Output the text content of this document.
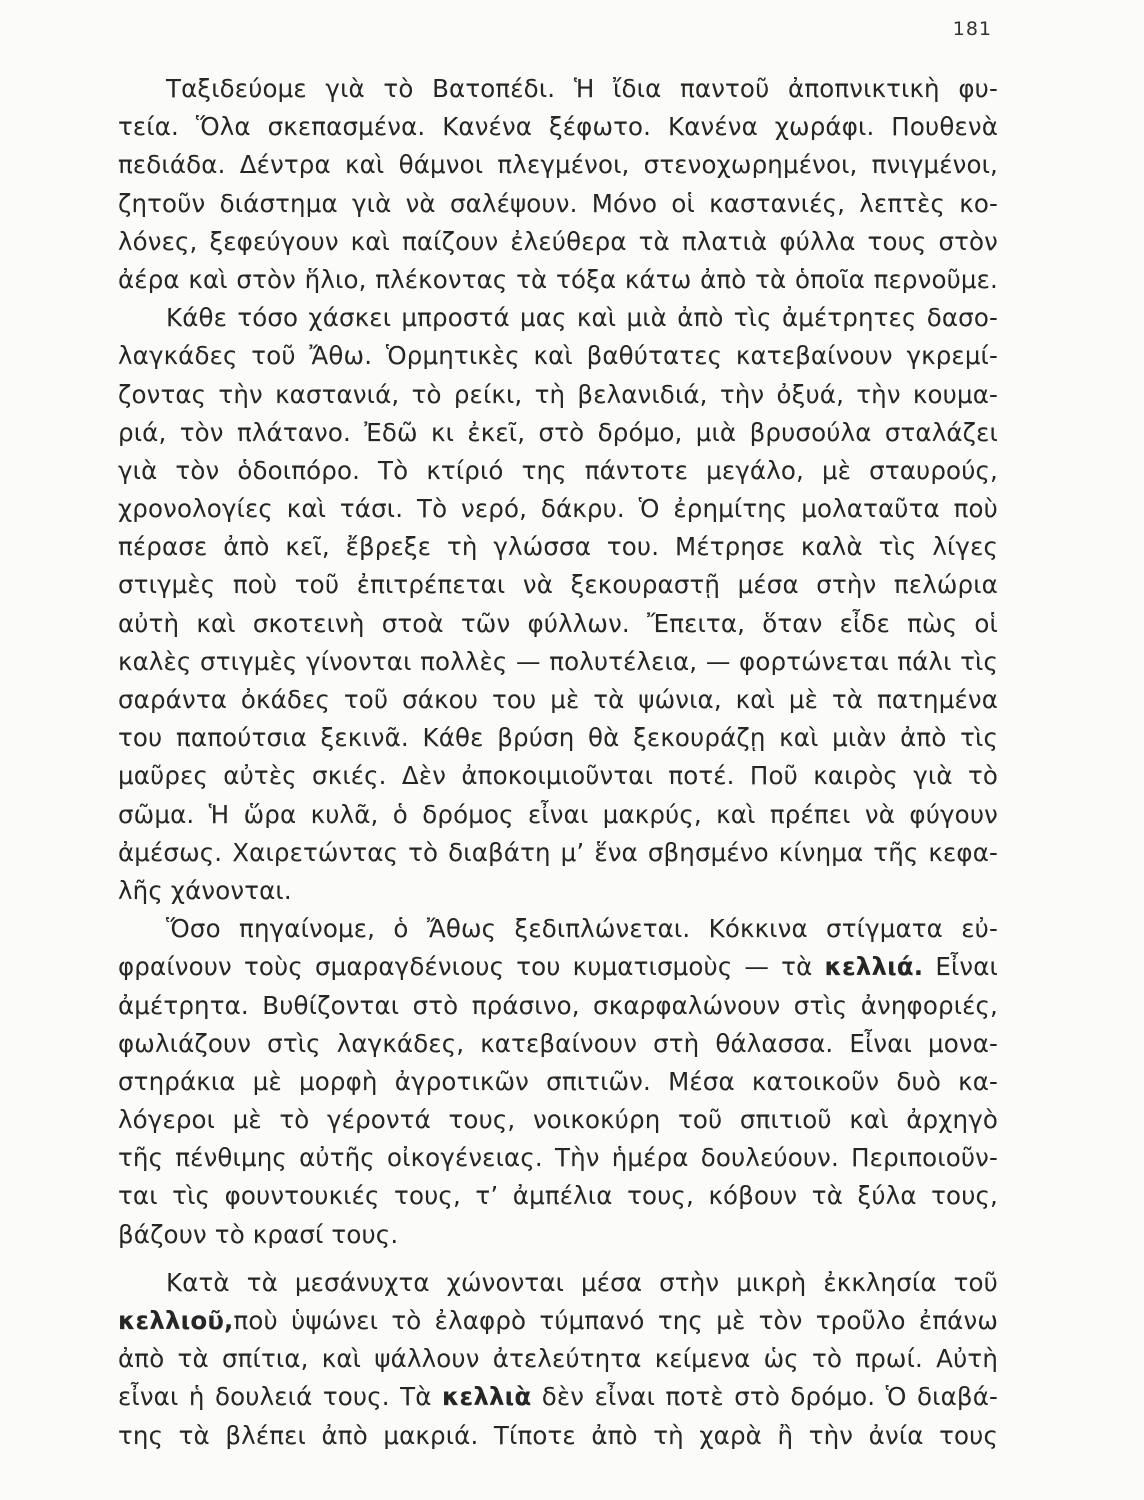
181
Ταξιδεύομε γιὰ τὸ Βατοπέδι. Ἡ ἴδια παντοῦ ἀποπνικτικὴ φυ-
τεία. Ὅλα σκεπασμένα. Κανένα ξέφωτο. Κανένα χωράφι. Πουθενὰ
πεδιάδα. Δέντρα καὶ θάμνοι πλεγμένοι, στενοχωρημένοι, πνιγμένοι,
ζητοῦν διάστημα γιὰ νὰ σαλέψουν. Μόνο οἱ καστανιές, λεπτὲς κο-
λόνες, ξεφεύγουν καὶ παίζουν ἐλεύθερα τὰ πλατιὰ φύλλα τους στὸν
ἀέρα καὶ στὸν ἥλιο, πλέκοντας τὰ τόξα κάτω ἀπὸ τὰ ὁποῖα περνοῦμε.
Κάθε τόσο χάσκει μπροστά μας καὶ μιὰ ἀπὸ τὶς ἀμέτρητες δασο-
λαγκάδες τοῦ Ἄθω. Ὁρμητικὲς καὶ βαθύτατες κατεβαίνουν γκρεμί-
ζοντας τὴν καστανιά, τὸ ρείκι, τὴ βελανιδιά, τὴν ὀξυά, τὴν κουμα-
ριά, τὸν πλάτανο. Ἐδῶ κι ἐκεῖ, στὸ δρόμο, μιὰ βρυσούλα σταλάζει
γιὰ τὸν ὁδοιπόρο. Τὸ κτίριό της πάντοτε μεγάλο, μὲ σταυρούς,
χρονολογίες καὶ τάσι. Τὸ νερό, δάκρυ. Ὁ ἐρημίτης μολαταῦτα ποὺ
πέρασε ἀπὸ κεῖ, ἔβρεξε τὴ γλώσσα του. Μέτρησε καλὰ τὶς λίγες
στιγμὲς ποὺ τοῦ ἐπιτρέπεται νὰ ξεκουραστῇ μέσα στὴν πελώρια
αὐτὴ καὶ σκοτεινὴ στοὰ τῶν φύλλων. Ἔπειτα, ὅταν εἶδε πὼς οἱ
καλὲς στιγμὲς γίνονται πολλὲς — πολυτέλεια, — φορτώνεται πάλι τὶς
σαράντα ὀκάδες τοῦ σάκου του μὲ τὰ ψώνια, καὶ μὲ τὰ πατημένα
του παπούτσια ξεκινᾶ. Κάθε βρύση θὰ ξεκουράζῃ καὶ μιὰν ἀπὸ τὶς
μαῦρες αὐτὲς σκιές. Δὲν ἀποκοιμιοῦνται ποτέ. Ποῦ καιρὸς γιὰ τὸ
σῶμα. Ἡ ὥρα κυλᾶ, ὁ δρόμος εἶναι μακρύς, καὶ πρέπει νὰ φύγουν
ἀμέσως. Χαιρετώντας τὸ διαβάτη μ’ ἕνα σβησμένο κίνημα τῆς κεφα-
λῆς χάνονται.
Ὅσο πηγαίνομε, ὁ Ἄθως ξεδιπλώνεται. Κόκκινα στίγματα εὐ-
φραίνουν τοὺς σμαραγδένιους του κυματισμοὺς — τὰ κελλιά. Εἶναι
ἀμέτρητα. Βυθίζονται στὸ πράσινο, σκαρφαλώνουν στὶς ἀνηφοριές,
φωλιάζουν στὶς λαγκάδες, κατεβαίνουν στὴ θάλασσα. Εἶναι μονα-
στηράκια μὲ μορφὴ ἀγροτικῶν σπιτιῶν. Μέσα κατοικοῦν δυὸ κα-
λόγεροι μὲ τὸ γέροντά τους, νοικοκύρη τοῦ σπιτιοῦ καὶ ἀρχηγὸ
τῆς πένθιμης αὐτῆς οἰκογένειας. Τὴν ἡμέρα δουλεύουν. Περιποιοῦν-
ται τὶς φουντουκιές τους, τ’ ἀμπέλια τους, κόβουν τὰ ξύλα τους,
βάζουν τὸ κρασί τους.
Κατὰ τὰ μεσάνυχτα χώνονται μέσα στὴν μικρὴ ἐκκλησία τοῦ
κελλιοῦ,ποὺ ὑψώνει τὸ ἐλαφρὸ τύμπανό της μὲ τὸν τροῦλο ἐπάνω
ἀπὸ τὰ σπίτια, καὶ ψάλλουν ἀτελεύτητα κείμενα ὡς τὸ πρωί. Αὐτὴ
εἶναι ἡ δουλειά τους. Τὰ κελλιὰ δὲν εἶναι ποτὲ στὸ δρόμο. Ὁ διαβά-
της τὰ βλέπει ἀπὸ μακριά. Τίποτε ἀπὸ τὴ χαρὰ ἢ τὴν ἀνία τους
